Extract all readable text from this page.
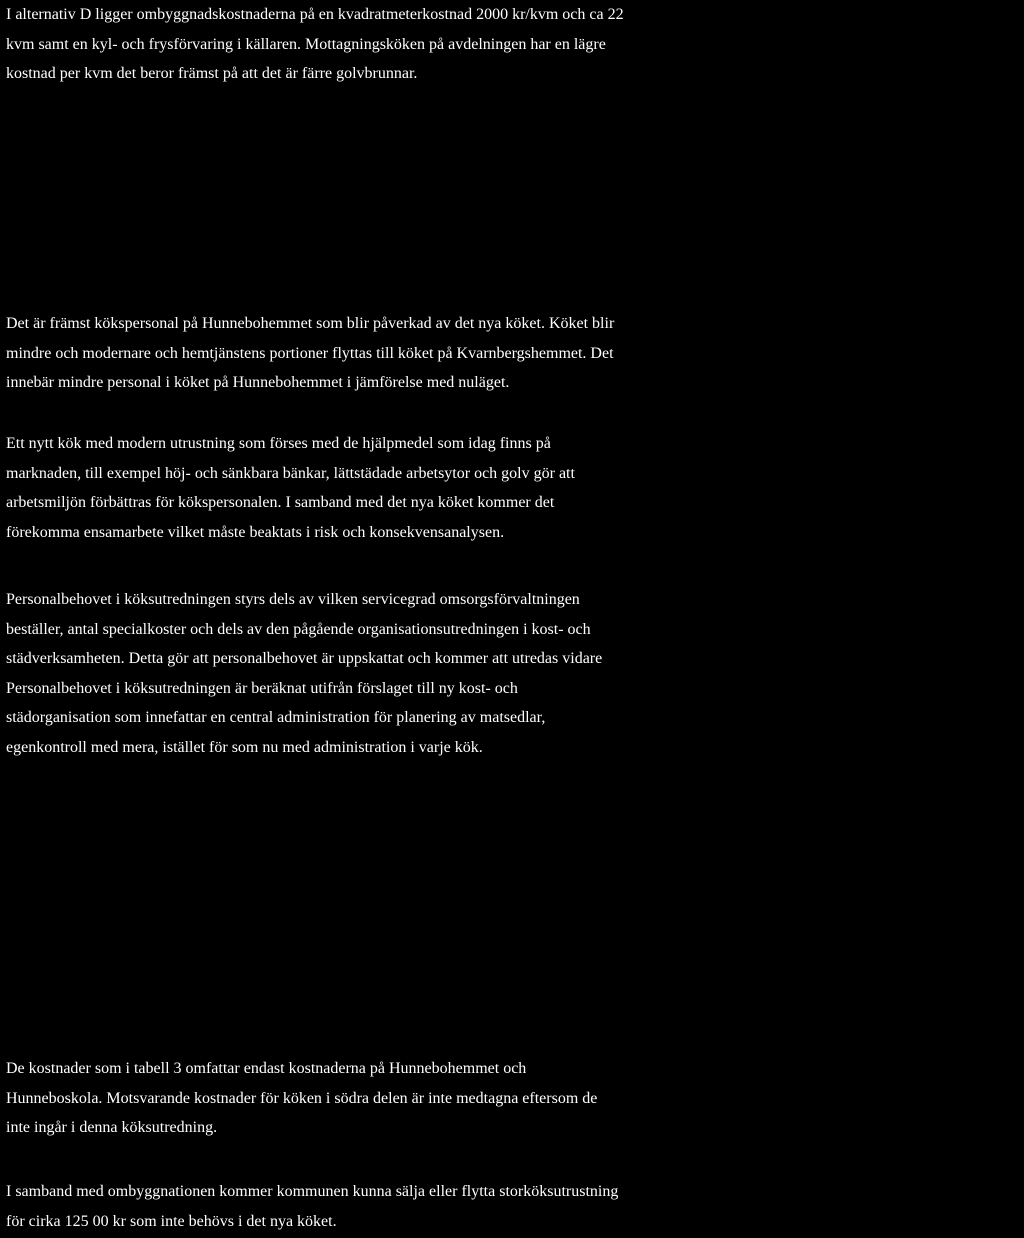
I alternativ D ligger ombyggnadskostnaderna på en kvadratmeterkostnad 2000 kr/kvm och ca 22
kvm samt en kyl- och frysförvaring i källaren. Mottagningsköken på avdelningen har en lägre
kostnad per kvm det beror främst på att det är färre golvbrunnar.

Det är främst kökspersonal på Hunnebohemmet som blir påverkad av det nya köket. Köket blir
mindre och modernare och hemtjänstens portioner flyttas till köket på Kvarnbergshemmet. Det
innebär mindre personal i köket på Hunnebohemmet i jämförelse med nuläget.

Ett nytt kök med modern utrustning som förses med de hjälpmedel som idag finns på
marknaden, till exempel höj- och sänkbara bänkar, lättstädade arbetsytor och golv gör att
arbetsmiljön förbättras för kökspersonalen. I samband med det nya köket kommer det
förekomma ensamarbete vilket måste beaktats i risk och konsekvensanalysen.

Personalbehovet i köksutredningen styrs dels av vilken servicegrad omsorgsförvaltningen
beställer, antal specialkoster och dels av den pågående organisationsutredningen i kost- och
städverksamheten. Detta gör att personalbehovet är uppskattat och kommer att utredas vidare
Personalbehovet i köksutredningen är beräknat utifrån förslaget till ny kost- och
städorganisation som innefattar en central administration för planering av matsedlar,
egenkontroll med mera, istället för som nu med administration i varje kök.

De kostnader som i tabell 3 omfattar endast kostnaderna på Hunnebohemmet och
Hunneboskola. Motsvarande kostnader för köken i södra delen är inte medtagna eftersom de
inte ingår i denna köksutredning.

I samband med ombyggnationen kommer kommunen kunna sälja eller flytta storköksutrustning
för cirka 125 00 kr som inte behövs i det nya köket.
